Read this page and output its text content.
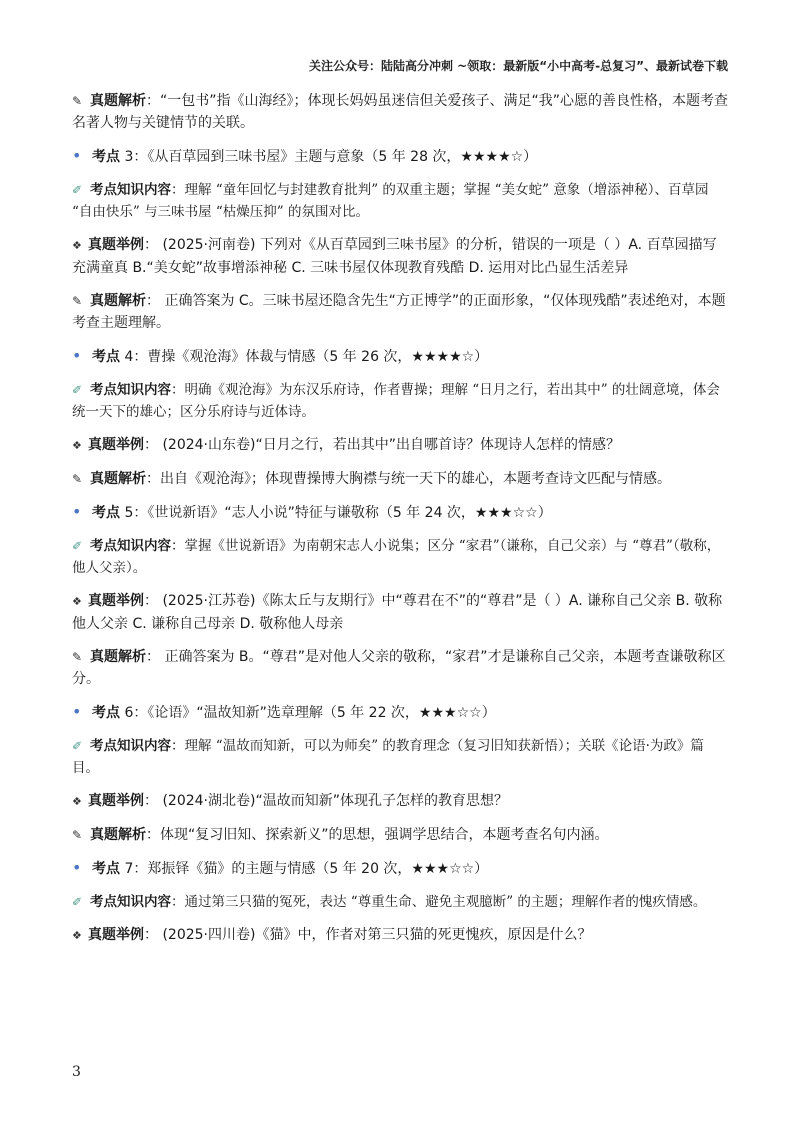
关注公众号：陆陆高分冲刺 ~领取：最新版“小中高考-总复习”、最新试卷下载
✎ 真题解析：“一包书”指《山海经》；体现长妈妈虽迷信但关爱孩子、满足“我”心愿的善良性格，本题考查名著人物与关键情节的关联。
• 考点 3：《从百草园到三味书屋》主题与意象（5 年 28 次，★★★★☆）
✐ 考点知识内容：理解 “童年回忆与封建教育批判” 的双重主题；掌握 “美女蛇” 意象（增添神秘）、百草园 “自由快乐” 与三味书屋 “枯燥压抑” 的氛围对比。
❖ 真题举例： (2025·河南卷) 下列对《从百草园到三味书屋》的分析，错误的一项是（ ）A. 百草园描写充满童真 B.“美女蛇”故事增添神秘 C. 三味书屋仅体现教育残酷 D. 运用对比凸显生活差异
✎ 真题解析： 正确答案为 C。三味书屋还隐含先生“方正博学”的正面形象，“仅体现残酷”表述绝对，本题考查主题理解。
• 考点 4：曹操《观沧海》体裁与情感（5 年 26 次，★★★★☆）
✐ 考点知识内容：明确《观沧海》为东汉乐府诗，作者曹操；理解 “日月之行，若出其中” 的壮阔意境，体会统一天下的雄心；区分乐府诗与近体诗。
❖ 真题举例： (2024·山东卷)“日月之行，若出其中”出自哪首诗？体现诗人怎样的情感？
✎ 真题解析：出自《观沧海》；体现曹操博大胸襟与统一天下的雄心，本题考查诗文匹配与情感。
• 考点 5：《世说新语》“志人小说”特征与谦敬称（5 年 24 次，★★★☆☆）
✐ 考点知识内容：掌握《世说新语》为南朝宋志人小说集；区分 “家君”（谦称，自己父亲）与 “尊君”（敬称，他人父亲）。
❖ 真题举例： (2025·江苏卷)《陈太丘与友期行》中“尊君在不”的“尊君”是（ ）A. 谦称自己父亲 B. 敬称他人父亲 C. 谦称自己母亲 D. 敬称他人母亲
✎ 真题解析： 正确答案为 B。“尊君”是对他人父亲的敬称，“家君”才是谦称自己父亲，本题考查谦敬称区分。
• 考点 6：《论语》“温故知新”选章理解（5 年 22 次，★★★☆☆）
✐ 考点知识内容：理解 “温故而知新，可以为师矣” 的教育理念（复习旧知获新悟）；关联《论语·为政》篇目。
❖ 真题举例： (2024·湖北卷)“温故而知新”体现孔子怎样的教育思想？
✎ 真题解析：体现“复习旧知、探索新义”的思想，强调学思结合，本题考查名句内涵。
• 考点 7：郑振铎《猫》的主题与情感（5 年 20 次，★★★☆☆）
✐ 考点知识内容：通过第三只猫的冤死，表达 “尊重生命、避免主观臆断” 的主题；理解作者的愧疚情感。
❖ 真题举例： (2025·四川卷)《猫》中，作者对第三只猫的死更愧疚，原因是什么？
3
